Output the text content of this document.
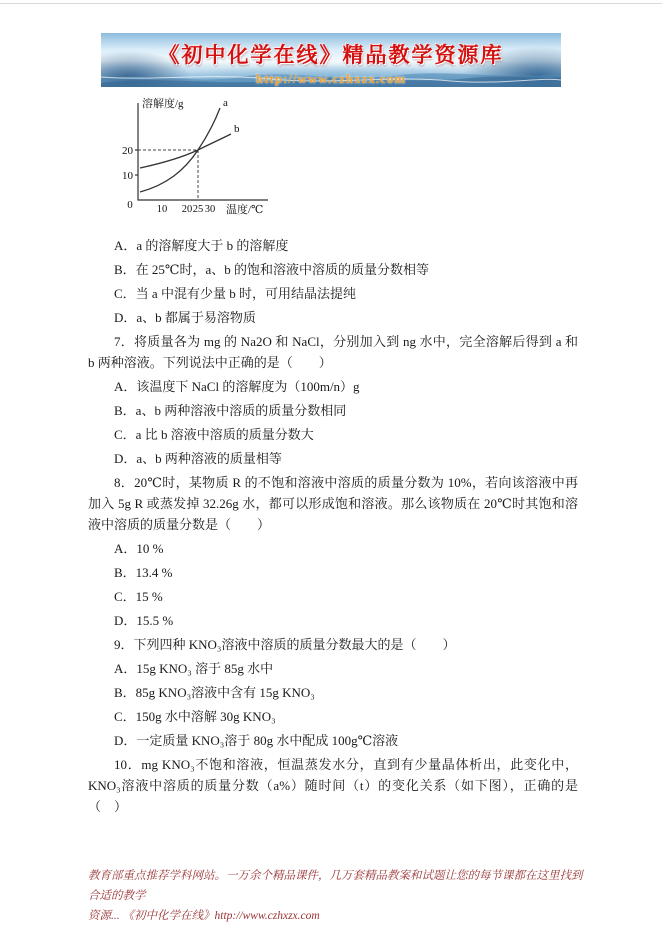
《初中化学在线》精品教学资源库
http://www.czhxzx.com
溶解度/g	a
b
20
10
0 10 20 25 30 温度/℃

A．a 的溶解度大于 b 的溶解度

B．在 25℃时，a、b 的饱和溶液中溶质的质量分数相等

C．当 a 中混有少量 b 时，可用结晶法提纯

D．a、b 都属于易溶物质

7．将质量各为 mg 的 Na2O 和 NaCl，分别加入到 ng 水中，完全溶解后得到 a 和 b 两种溶液。下列说法中正确的是（　　）

A．该温度下 NaCl 的溶解度为（100m/n）g

B．a、b 两种溶液中溶质的质量分数相同

C．a 比 b 溶液中溶质的质量分数大

D．a、b 两种溶液的质量相等

8．20℃时，某物质 R 的不饱和溶液中溶质的质量分数为 10%，若向该溶液中再加入 5g R 或蒸发掉 32.26g 水，都可以形成饱和溶液。那么该物质在 20℃时其饱和溶液中溶质的质量分数是（　　）

A．10 %

B．13.4 %

C．15 %

D．15.5 %

9．下列四种 KNO₃溶液中溶质的质量分数最大的是（　　）

A．15g KNO₃ 溶于 85g 水中

B．85g KNO₃溶液中含有 15g KNO₃

C．150g 水中溶解 30g KNO₃

D．一定质量 KNO₃溶于 80g 水中配成 100g℃溶液

10．mg KNO₃不饱和溶液，恒温蒸发水分，直到有少量晶体析出，此变化中，KNO₃溶液中溶质的质量分数（a%）随时间（t）的变化关系（如下图），正确的是（　）

教育部重点推荐学科网站。一万余个精品课件，几万套精品教案和试题让您的每节课都在这里找到合适的教学

资源... 《初中化学在线》http://www.czhxzx.com
